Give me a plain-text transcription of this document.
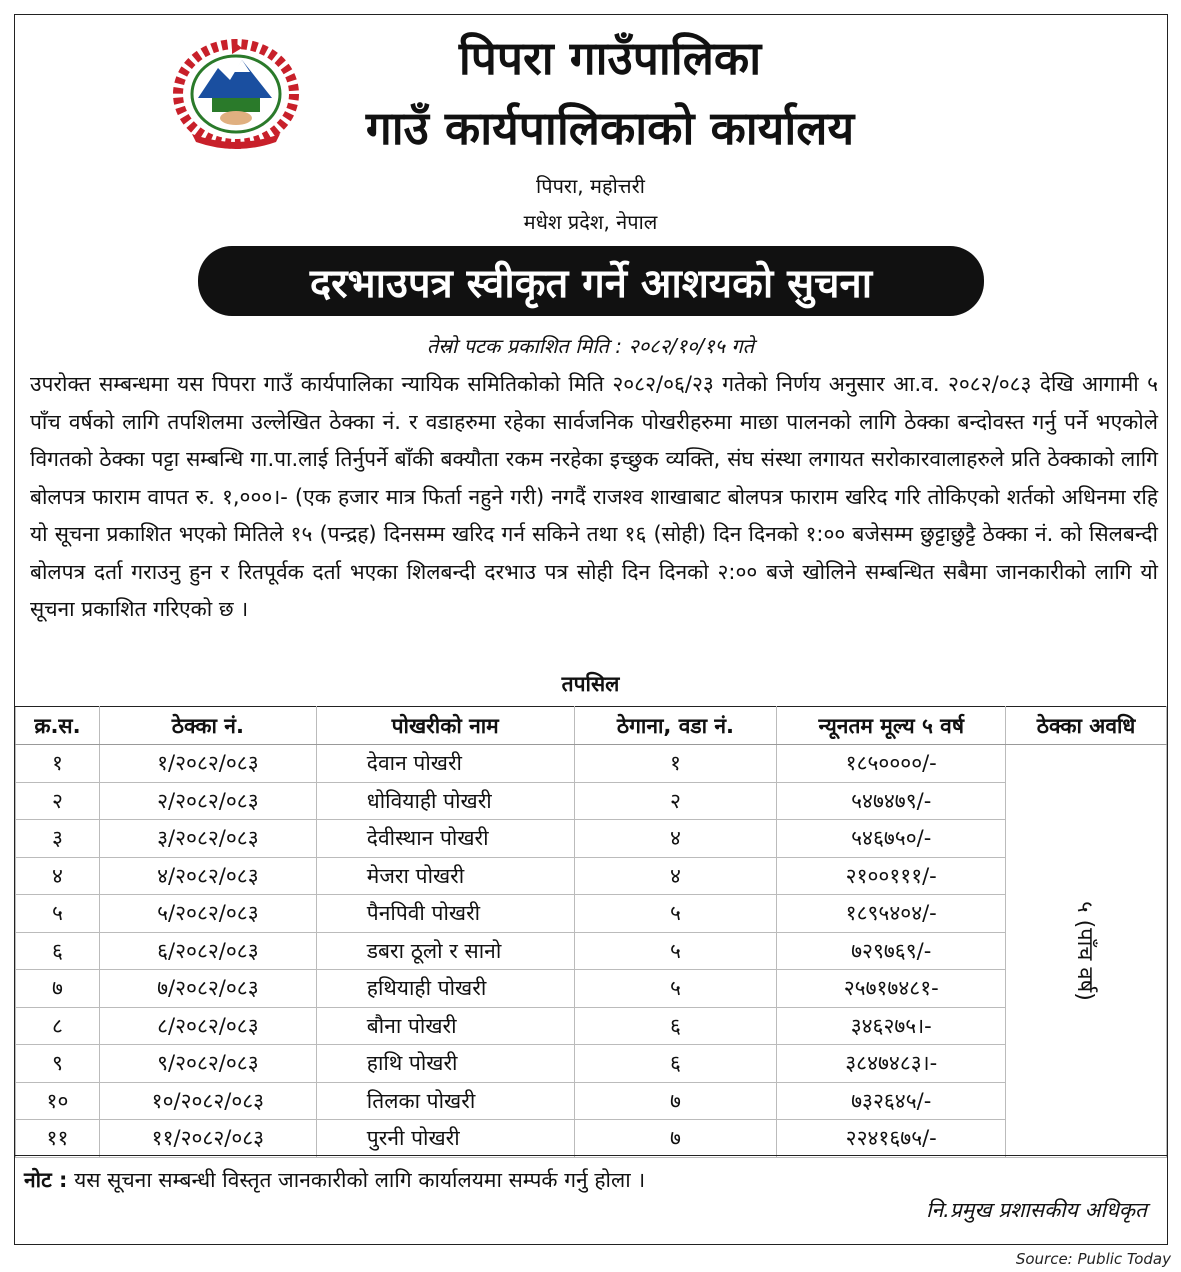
पिपरा गाउँपालिका
गाउँ कार्यपालिकाको कार्यालय
पिपरा, महोत्तरी
मधेश प्रदेश, नेपाल
दरभाउपत्र स्वीकृत गर्ने आशयको सुचना
तेस्रो पटक प्रकाशित मिति : २०८२/१०/१५ गते
उपरोक्त सम्बन्धमा यस पिपरा गाउँ कार्यपालिका न्यायिक समितिकोको मिति २०८२/०६/२३ गतेको निर्णय अनुसार आ.व. २०८२/०८३ देखि आगामी ५ पाँच वर्षको लागि तपशिलमा उल्लेखित ठेक्का नं. र वडाहरुमा रहेका सार्वजनिक पोखरीहरुमा माछा पालनको लागि ठेक्का बन्दोवस्त गर्नु पर्ने भएकोले विगतको ठेक्का पट्टा सम्बन्धि गा.पा.लाई तिर्नुपर्ने बाँकी बक्यौता रकम नरहेका इच्छुक व्यक्ति, संघ संस्था लगायत सरोकारवालाहरुले प्रति ठेक्काको लागि बोलपत्र फाराम वापत रु. १,०००।- (एक हजार मात्र फिर्ता नहुने गरी) नगदैं राजश्व शाखाबाट बोलपत्र फाराम खरिद गरि तोकिएको शर्तको अधिनमा रहि यो सूचना प्रकाशित भएको मितिले १५ (पन्द्रह) दिनसम्म खरिद गर्न सकिने तथा १६ (सोही) दिन दिनको १:०० बजेसम्म छुट्टाछुट्टै ठेक्का नं. को सिलबन्दी बोलपत्र दर्ता गराउनु हुन र रितपूर्वक दर्ता भएका शिलबन्दी दरभाउ पत्र सोही दिन दिनको २:०० बजे खोलिने सम्बन्धित सबैमा जानकारीको लागि यो सूचना प्रकाशित गरिएको छ ।
तपसिल
क्र.स.	ठेक्का नं.	पोखरीको नाम	ठेगाना, वडा नं.	न्यूनतम मूल्य ५ वर्ष	ठेक्का अवधि
१	१/२०८२/०८३	देवान पोखरी	१	१८५००००/-	५ (पाँच वर्ष)

२	२/२०८२/०८३	धोवियाही पोखरी	२	५४७४७९/-	
३	३/२०८२/०८३	देवीस्थान पोखरी	४	५४६७५०/-	
४	४/२०८२/०८३	मेजरा पोखरी	४	२१००१११/-	
५	५/२०८२/०८३	पैनपिवी पोखरी	५	१८९५४०४/-	
६	६/२०८२/०८३	डबरा ठूलो र सानो	५	७२९७६९/-	
७	७/२०८२/०८३	हथियाही पोखरी	५	२५७१७४८१-	
८	८/२०८२/०८३	बौना पोखरी	६	३४६२७५।-	
९	९/२०८२/०८३	हाथि पोखरी	६	३८४७४८३।-	
१०	१०/२०८२/०८३	तिलका पोखरी	७	७३२६४५/-	
११	११/२०८२/०८३	पुरनी पोखरी	७	२२४१६७५/-	
नोट : यस सूचना सम्बन्धी विस्तृत जानकारीको लागि कार्यालयमा सम्पर्क गर्नु होला ।
नि.प्रमुख प्रशासकीय अधिकृत
Source: Public Today
